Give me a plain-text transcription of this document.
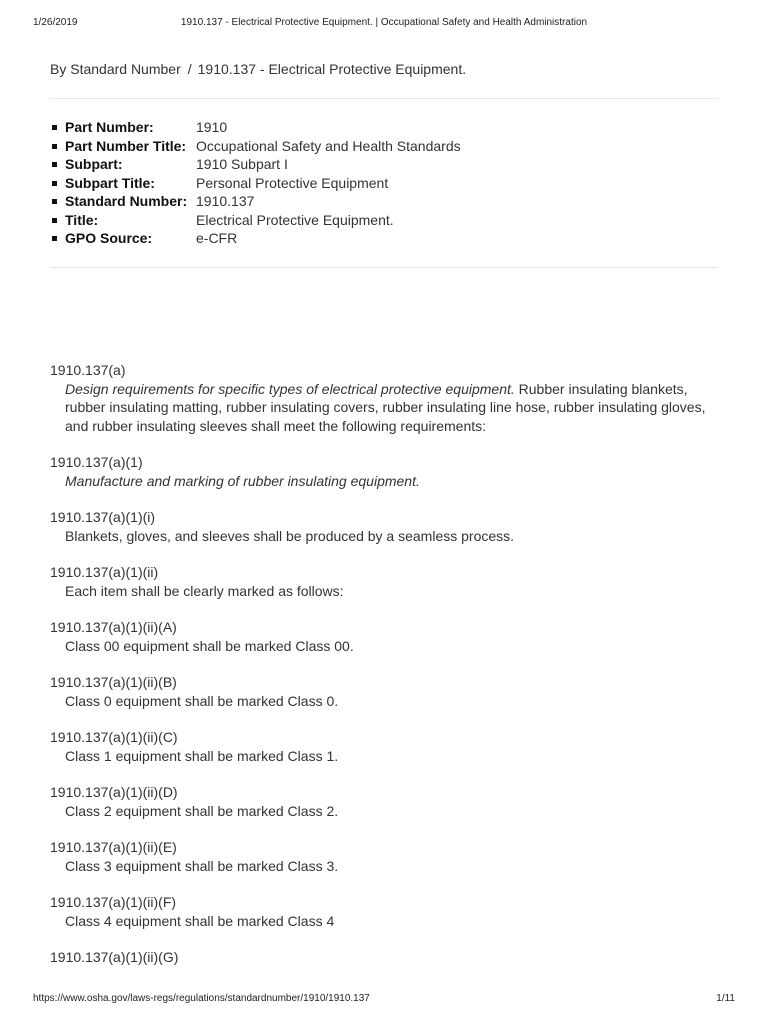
1/26/2019	1910.137 - Electrical Protective Equipment. | Occupational Safety and Health Administration
By Standard Number / 1910.137 - Electrical Protective Equipment.
Part Number:	1910
Part Number Title: Occupational Safety and Health Standards
Subpart:	1910 Subpart I
Subpart Title:	Personal Protective Equipment
Standard Number: 1910.137
Title:	Electrical Protective Equipment.
GPO Source:	e-CFR
1910.137(a)
Design requirements for specific types of electrical protective equipment. Rubber insulating blankets, rubber insulating matting, rubber insulating covers, rubber insulating line hose, rubber insulating gloves, and rubber insulating sleeves shall meet the following requirements:
1910.137(a)(1)
Manufacture and marking of rubber insulating equipment.
1910.137(a)(1)(i)
Blankets, gloves, and sleeves shall be produced by a seamless process.
1910.137(a)(1)(ii)
Each item shall be clearly marked as follows:
1910.137(a)(1)(ii)(A)
Class 00 equipment shall be marked Class 00.
1910.137(a)(1)(ii)(B)
Class 0 equipment shall be marked Class 0.
1910.137(a)(1)(ii)(C)
Class 1 equipment shall be marked Class 1.
1910.137(a)(1)(ii)(D)
Class 2 equipment shall be marked Class 2.
1910.137(a)(1)(ii)(E)
Class 3 equipment shall be marked Class 3.
1910.137(a)(1)(ii)(F)
Class 4 equipment shall be marked Class 4
1910.137(a)(1)(ii)(G)
https://www.osha.gov/laws-regs/regulations/standardnumber/1910/1910.137	1/11
